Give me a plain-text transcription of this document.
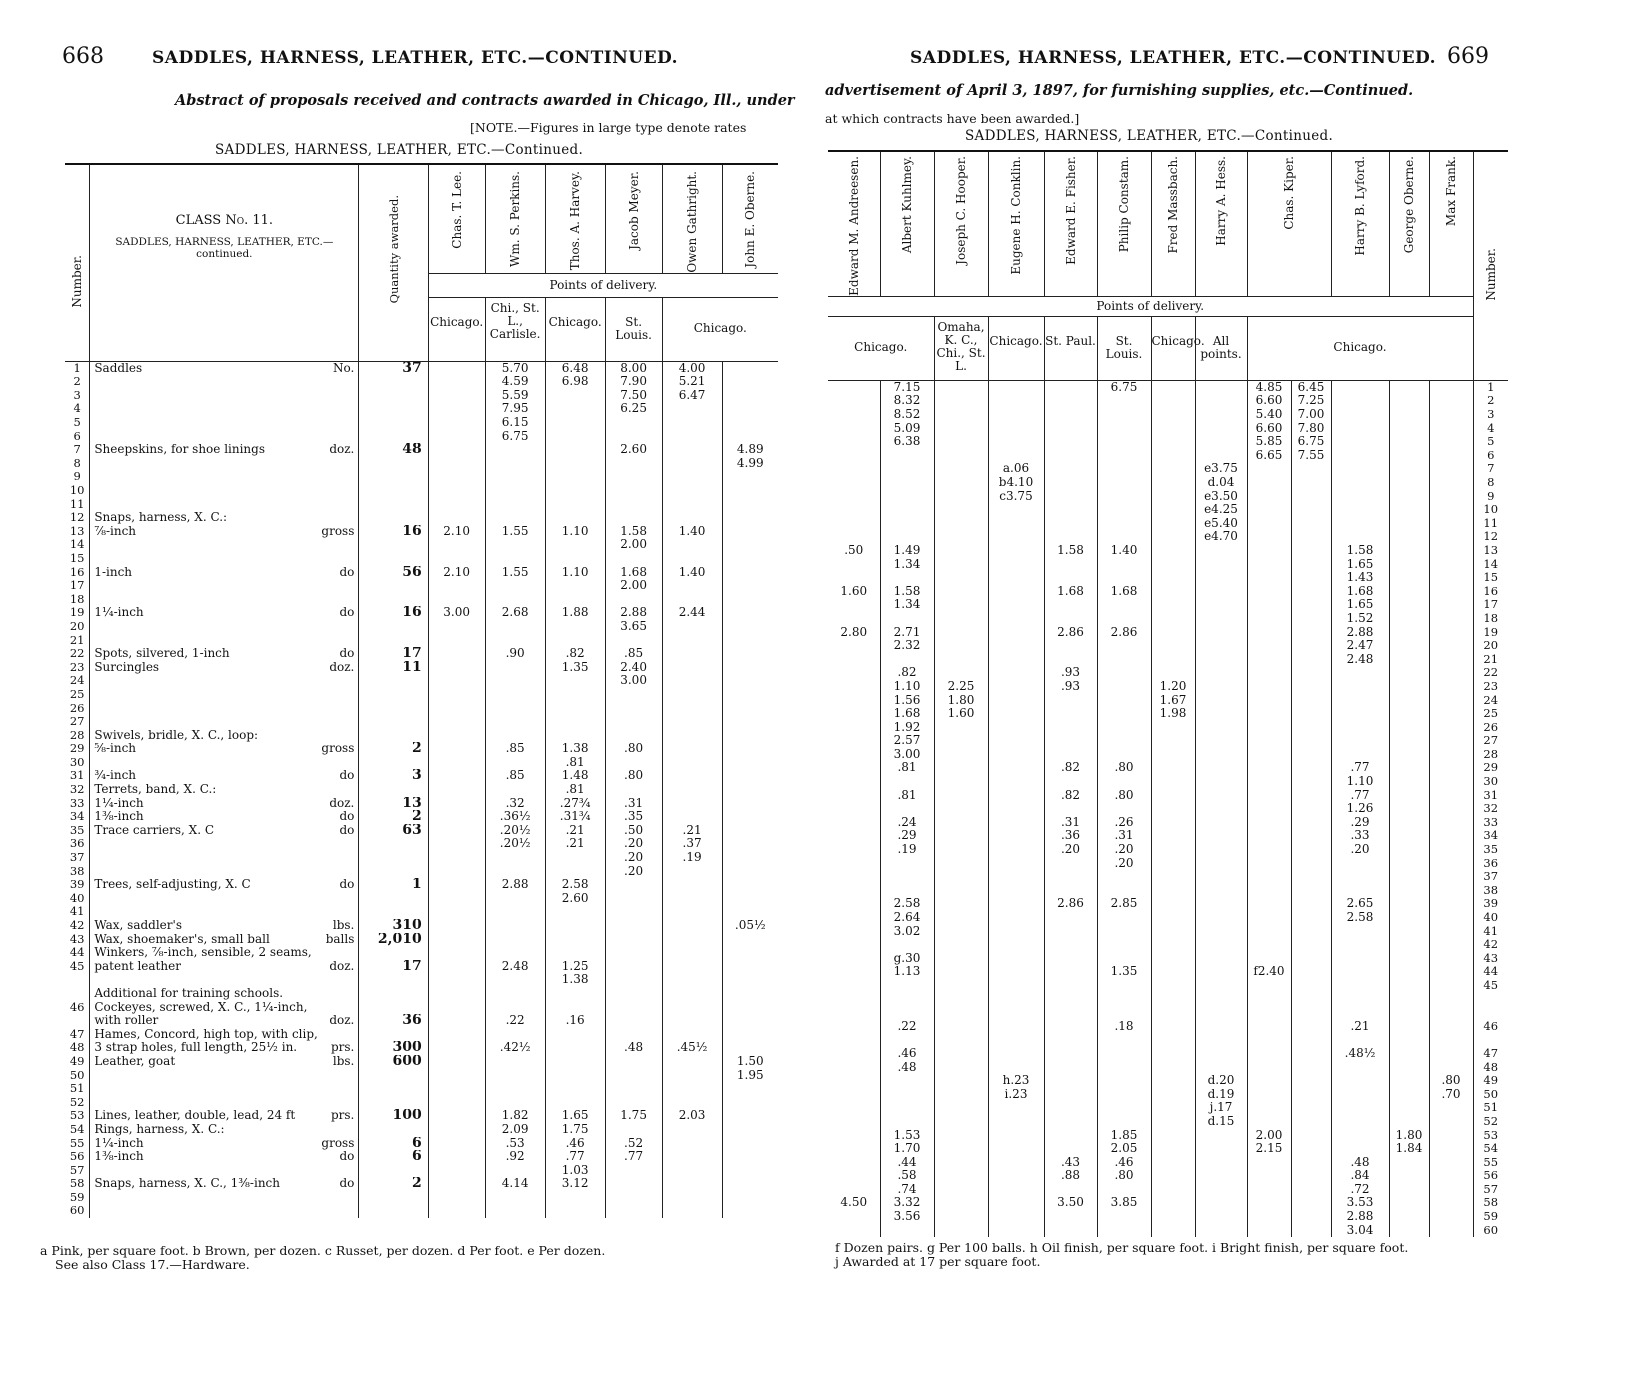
668	SADDLES, HARNESS, LEATHER, ETC.—CONTINUED.
Abstract of proposals received and contracts awarded in Chicago, Ill., under
[NOTE.—Figures in large type denote rates
SADDLES, HARNESS, LEATHER, ETC.—Continued.
Number.	CLASS No. 11.
SADDLES, HARNESS, LEATHER, ETC.—continued.	Quantity awarded.	Chas. T. Lee.	Wm. S. Perkins.	Thos. A. Harvey.	Jacob Meyer.	Owen Gathright.	John E. Oberne.

			Points of delivery.					
			Chicago.	Chi., St. L., Carlisle.	Chicago.	St. Louis.	Chicago.	
1	Saddles No.	37		5.70	6.48	8.00	4.00	
2				4.59	6.98	7.90	5.21	
3				5.59		7.50	6.47	
4				7.95		6.25		
5				6.15				
6				6.75				
7	Sheepskins, for shoe linings doz.	48				2.60		4.89
8								4.99
9								
10								
11								
12	Snaps, harness, X. C.:							
13	⅞-inch gross	16	2.10	1.55	1.10	1.58	1.40	
14						2.00		
15								
16	1-inch do	56	2.10	1.55	1.10	1.68	1.40	
17						2.00		
18								
19	1¼-inch do	16	3.00	2.68	1.88	2.88	2.44	
20						3.65		
21								
22	Spots, silvered, 1-inch do	17		.90	.82	.85		
23	Surcingles doz.	11			1.35	2.40		
24						3.00		
25								
26								
27								
28	Swivels, bridle, X. C., loop:							
29	⅝-inch gross	2		.85	1.38	.80		
30					.81			
31	¾-inch do	3		.85	1.48	.80		
32	Terrets, band, X. C.:				.81			
33	1¼-inch doz.	13		.32	.27¾	.31		
34	1⅜-inch do	2		.36½	.31¾	.35		
35	Trace carriers, X. C do	63		.20½	.21	.50	.21	
36				.20½	.21	.20	.37	
37						.20	.19	
38						.20		
39	Trees, self-adjusting, X. C do	1		2.88	2.58			
40					2.60			
41								
42	Wax, saddler's lbs.	310						.05½
43	Wax, shoemaker's, small ball balls	2,010						
44	Winkers, ⅞-inch, sensible, 2 seams,							
45	patent leather doz.	17		2.48	1.25			
					1.38			
	Additional for training schools.							
46	Cockeyes, screwed, X. C., 1¼-inch,							
	with roller doz.	36		.22	.16			
47	Hames, Concord, high top, with clip,							
48	3 strap holes, full length, 25½ in. prs.	300		.42½		.48	.45½	
49	Leather, goat lbs.	600						1.50
50								1.95
51								
52								
53	Lines, leather, double, lead, 24 ft prs.	100		1.82	1.65	1.75	2.03	
54	Rings, harness, X. C.:			2.09	1.75			
55	1¼-inch gross	6		.53	.46	.52		
56	1⅜-inch do	6		.92	.77	.77		
57					1.03			
58	Snaps, harness, X. C., 1⅜-inch do	2		4.14	3.12			
59								
60								
a Pink, per square foot. b Brown, per dozen. c Russet, per dozen. d Per foot. e Per dozen.
See also Class 17.—Hardware.
SADDLES, HARNESS, LEATHER, ETC.—CONTINUED. 669
advertisement of April 3, 1897, for furnishing supplies, etc.—Continued.
at which contracts have been awarded.]
SADDLES, HARNESS, LEATHER, ETC.—Continued.
Edward M. Andreesen.	Albert Kuhlmey.	Joseph C. Hooper.	Eugene H. Conklin.	Edward E. Fisher.	Philip Constam.	Fred Massbach.	Harry A. Hess.	Chas. Kiper.		Harry B. Lyford.	George Oberne.	Max Frank.	Number.

Points of delivery.													
Chicago.		Omaha, K. C., Chi., St. L.	Chicago.	St. Paul.	St. Louis.	Chicago.	All points.	Chicago.					
	7.15				6.75			4.85	6.45				1
	8.32							6.60	7.25				2
	8.52							5.40	7.00				3
	5.09							6.60	7.80				4
	6.38							5.85	6.75				5
								6.65	7.55				6
			a.06				e3.75						7
			b4.10				d.04						8
			c3.75				e3.50						9
							e4.25						10
							e5.40						11
							e4.70						12
.50	1.49			1.58	1.40					1.58			13
	1.34									1.65			14
										1.43			15
1.60	1.58			1.68	1.68					1.68			16
	1.34									1.65			17
										1.52			18
2.80	2.71			2.86	2.86					2.88			19
	2.32									2.47			20
										2.48			21
	.82			.93									22
	1.10	2.25		.93		1.20							23
	1.56	1.80				1.67							24
	1.68	1.60				1.98							25
	1.92												26
	2.57												27
	3.00												28
	.81			.82	.80					.77			29
										1.10			30
	.81			.82	.80					.77			31
										1.26			32
	.24			.31	.26					.29			33
	.29			.36	.31					.33			34
	.19			.20	.20					.20			35
					.20								36
													37
													38
	2.58			2.86	2.85					2.65			39
	2.64									2.58			40
	3.02												41
													42
	g.30												43
	1.13				1.35			f2.40					44
													45

	.22				.18					.21			46

	.46									.48½			47
	.48												48
			h.23				d.20					.80	49
			i.23				d.19					.70	50
							j.17						51
							d.15						52
	1.53				1.85			2.00			1.80		53
	1.70				2.05			2.15			1.84		54
	.44			.43	.46					.48			55
	.58			.88	.80					.84			56
	.74									.72			57
4.50	3.32			3.50	3.85					3.53			58
	3.56									2.88			59
										3.04			60
f Dozen pairs. g Per 100 balls. h Oil finish, per square foot. i Bright finish, per square foot.
j Awarded at 17 per square foot.
